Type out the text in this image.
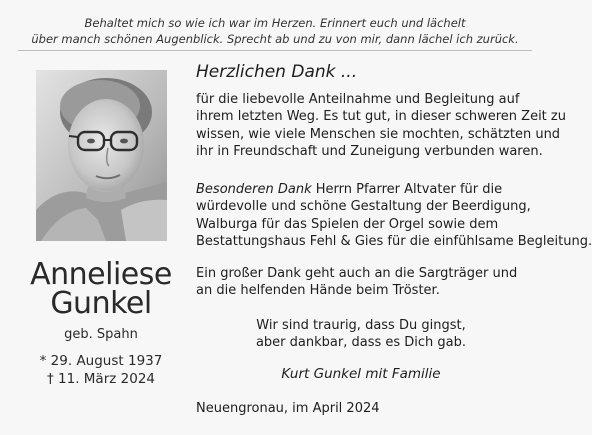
Behaltet mich so wie ich war im Herzen. Erinnert euch und lächelt
über manch schönen Augenblick. Sprecht ab und zu von mir, dann lächel ich zurück.
Anneliese
Gunkel
geb. Spahn
* 29. August 1937
† 11. März 2024
Herzlichen Dank ...
für die liebevolle Anteilnahme und Begleitung auf
ihrem letzten Weg. Es tut gut, in dieser schweren Zeit zu
wissen, wie viele Menschen sie mochten, schätzten und
ihr in Freundschaft und Zuneigung verbunden waren.
Besonderen Dank Herrn Pfarrer Altvater für die
würdevolle und schöne Gestaltung der Beerdigung,
Walburga für das Spielen der Orgel sowie dem
Bestattungshaus Fehl & Gies für die einfühlsame Begleitung.
Ein großer Dank geht auch an die Sargträger und
an die helfenden Hände beim Tröster.
Wir sind traurig, dass Du gingst,
aber dankbar, dass es Dich gab.
Kurt Gunkel mit Familie
Neuengronau, im April 2024
